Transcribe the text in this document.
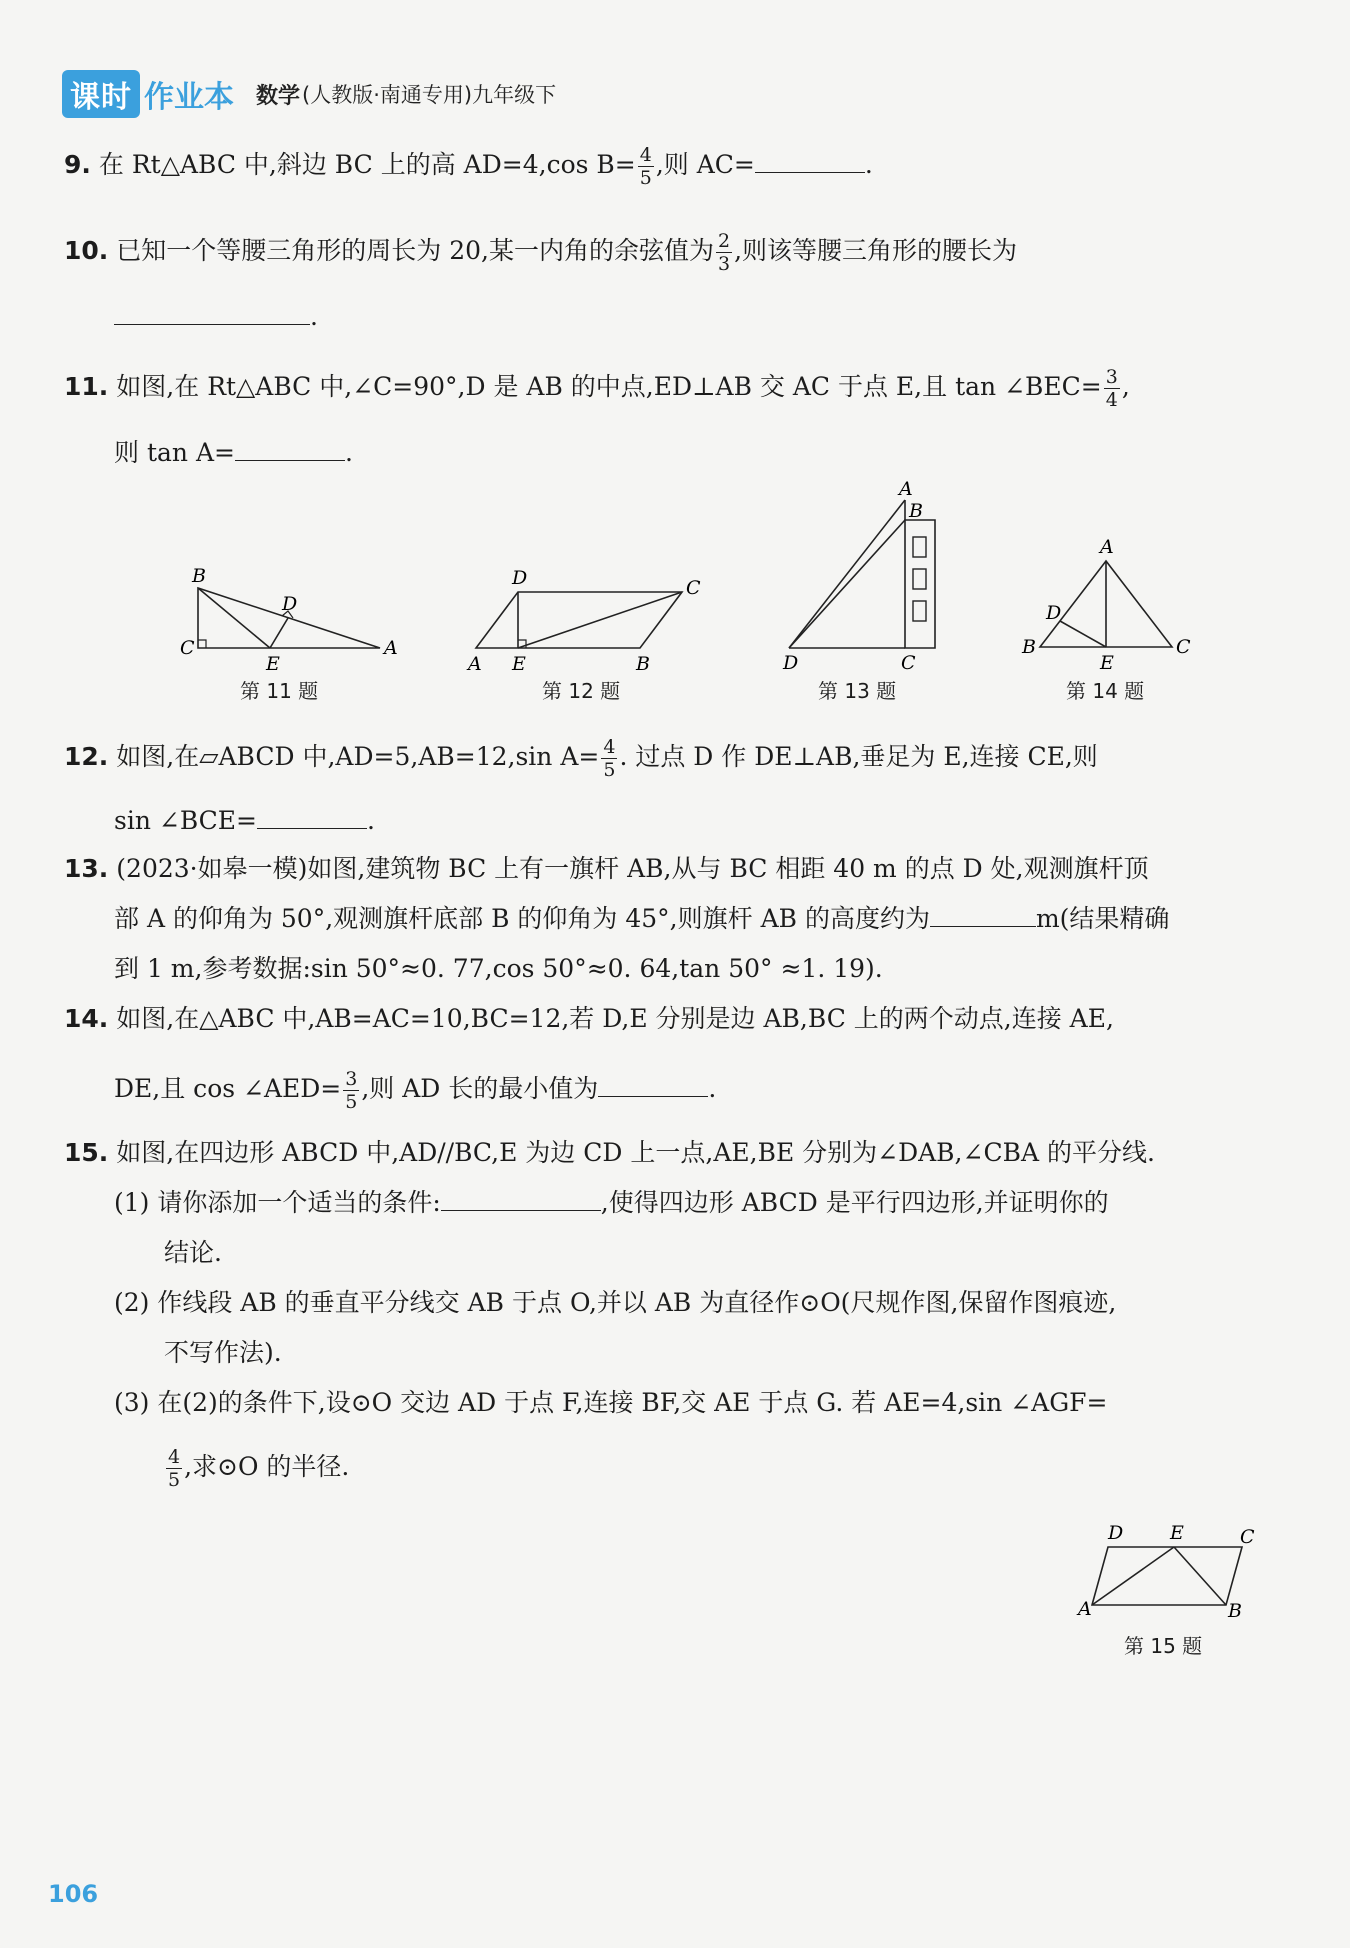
课时 作业本 数学 (人教版·南通专用)九年级下
9. 在 Rt△ABC 中,斜边 BC 上的高 AD=4,cos $B= \frac{4}{5}$ ,则 AC=	.
10. 已知一个等腰三角形的周长为 20,某一内角的余弦值为 $\frac{2}{3}$ ,则该等腰三角形的腰长为
.
11. 如图,在 Rt△ABC 中,∠C=90°,D 是 AB 的中点,ED⊥AB 交 AC 于点 E,且 tan ∠BEC= $\frac{3}{4}$ ,
则 tan A=	.
B
D
C
E
A
第 11 题
D	C
A E	B
第 12 题
A
B
D	C
第 13 题
A
D
B
E
C
第 14 题
12. 如图,在▱ABCD 中,AD=5,AB=12,sin $A= \frac{4}{5}$ . 过点 D 作 DE⊥AB,垂足为 E,连接 CE,则
sin ∠BCE=	.
13. (2023·如皋一模)如图,建筑物 BC 上有一旗杆 AB,从与 BC 相距 40 m 的点 D 处,观测旗杆顶
部 A 的仰角为 50°,观测旗杆底部 B 的仰角为 45°,则旗杆 AB 的高度约为	m(结果精确
到 1 m,参考数据:sin 50°≈0. 77,cos 50°≈0. 64,tan 50° ≈1. 19).
14. 如图,在△ABC 中,AB=AC=10,BC=12,若 D,E 分别是边 AB,BC 上的两个动点,连接 AE,
DE,且 cos ∠AED= $\frac{3}{5}$ ,则 AD 长的最小值为	.
15. 如图,在四边形 ABCD 中,AD//BC,E 为边 CD 上一点,AE,BE 分别为∠DAB,∠CBA 的平分线.
(1) 请你添加一个适当的条件:	,使得四边形 ABCD 是平行四边形,并证明你的
结论.
(2) 作线段 AB 的垂直平分线交 AB 于点 O,并以 AB 为直径作⊙O(尺规作图,保留作图痕迹,
不写作法).
(3) 在(2)的条件下,设⊙O 交边 AD 于点 F,连接 BF,交 AE 于点 G. 若 AE=4,sin ∠AGF=
$\frac{4}{5}$ ,求⊙O 的半径.
D E	C
A	B
第 15 题
106
